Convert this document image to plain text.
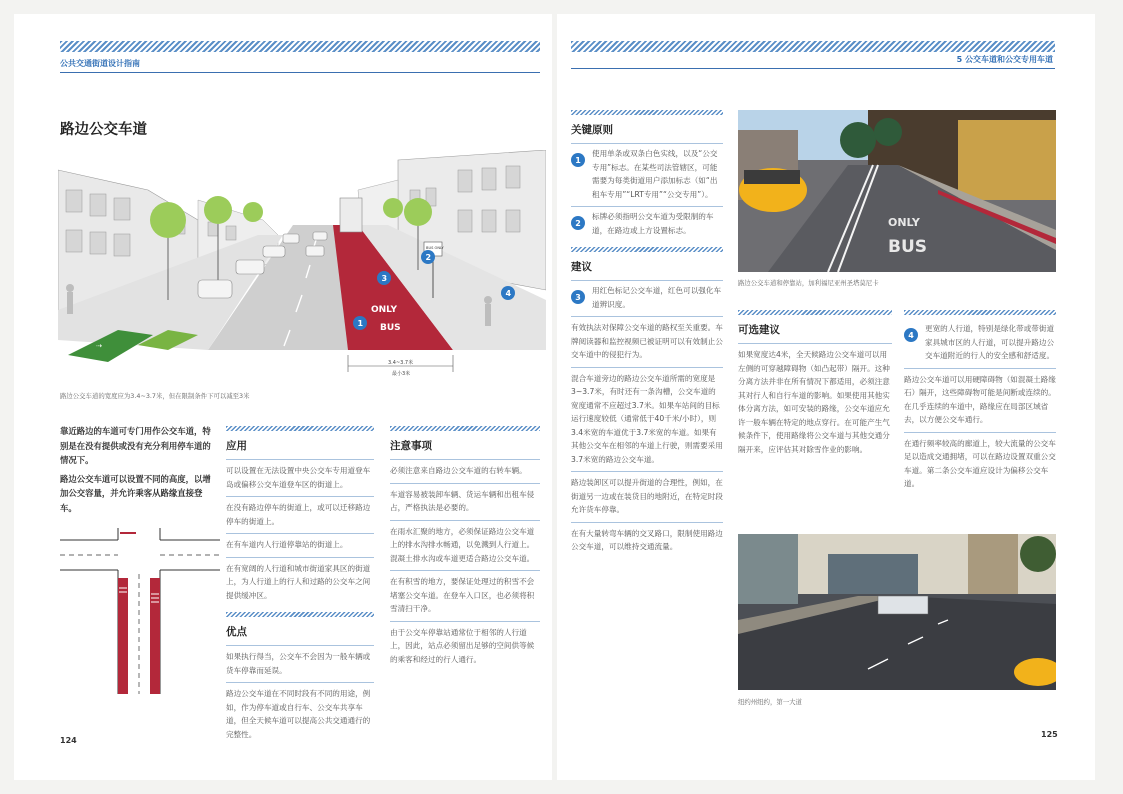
公共交通街道设计指南
路边公交车道
⇢
ONLY
BUS
BUS ONLY
1
2
3
4
3.4~3.7米
最小3米
路边公交车道的宽度应为3.4~3.7米，但在限制条件下可以减至3米
靠近路边的车道可专门用作公交车道，特别是在没有提供或没有充分利用停车道的情况下。
路边公交车道可以设置不同的高度，以增加公交容量，并允许乘客从路缘直接登车。
应用
可以设置在无法设置中央公交车专用道登车岛或偏移公交车道登车区的街道上。
在没有路边停车的街道上，或可以迁移路边停车的街道上。
在有车道内人行道停靠站的街道上。
在有宽阔的人行道和城市街道家具区的街道上，为人行道上的行人和过路的公交车之间提供缓冲区。
优点
如果执行得当，公交车不会因为一般车辆或货车停靠而延误。
路边公交车道在不同时段有不同的用途，例如，作为停车道或自行车、公交车共享车道，但全天候车道可以提高公共交通通行的完整性。
注意事项
必须注意来自路边公交车道的右转车辆。
车道容易被装卸车辆、货运车辆和出租车侵占，严格执法是必要的。
在雨水汇聚的地方，必须保证路边公交车道上的排水沟排水畅通，以免溅到人行道上。混凝土排水沟或车道更适合路边公交车道。
在有积雪的地方，要保证处理过的积雪不会堵塞公交车道。在登车入口区，也必须将积雪清扫干净。
由于公交车停靠站通常位于相邻的人行道上，因此，站点必须留出足够的空间供等候的乘客和经过的行人通行。
124
5 公交车道和公交专用车道
关键原则
1
使用单条或双条白色实线，以及“公交专用”标志。在某些司法管辖区，可能需要为每类街道用户添加标志（如“出租车专用”“LRT专用”“公交专用”）。
2
标牌必须指明公交车道为受限制的车道，在路边或上方设置标志。
建议
3
用红色标记公交车道，红色可以强化车道辨识度。
有效执法对保障公交车道的路权至关重要。车牌阅读器和监控视频已被证明可以有效制止公交车道中的侵犯行为。
混合车道旁边的路边公交车道所需的宽度是3~3.7米，有时还有一条沟槽，公交车道的宽度通常不应超过3.7米。如果车站间的目标运行速度较低（通常低于40千米/小时），则3.4米宽的车道优于3.7米宽的车道。如果有其他公交车在相邻的车道上行驶，则需要采用3.7米宽的路边公交车道。
路边装卸区可以提升街道的合理性，例如，在街道另一边或在装货目的地附近，在特定时段允许货车停靠。
在有大量转弯车辆的交叉路口，限制使用路边公交车道，可以维持交通流量。
ONLY
BUS
路边公交车道和停靠站，加利福尼亚州圣塔莫尼卡
可选建议
如果宽度达4米，全天候路边公交车道可以用左侧的可穿越障碍物（如凸起带）隔开。这种分离方法并非在所有情况下都适用，必须注意其对行人和自行车道的影响。如果使用其他实体分离方法，如可安装的路缘，公交车道应允许一般车辆在特定的地点穿行。在可能产生气候条件下，使用路缘将公交车道与其他交通分隔开来，应评估其对除雪作业的影响。
4
更宽的人行道，特别是绿化带或带街道家具城市区的人行道，可以提升路边公交车道附近的行人的安全感和舒适度。
路边公交车道可以用硬障碍物（如混凝土路缘石）隔开，这些障碍物可能是间断或连续的。在几乎连续的车道中，路缘应在局部区域省去，以方便公交车通行。
在通行频率较高的廊道上，较大流量的公交车足以造成交通拥堵，可以在路边设置双重公交车道。第二条公交车道应设计为偏移公交车道。
纽约州纽约，第一大道
125
